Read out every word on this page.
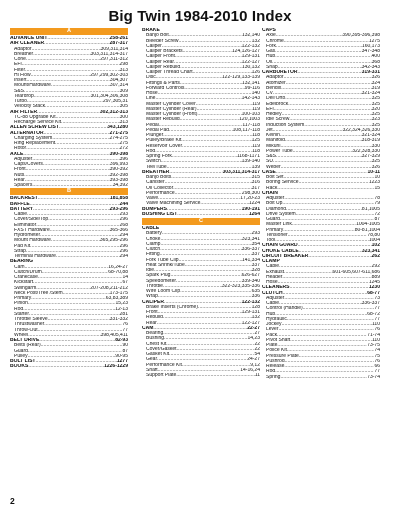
Big Twin 1984-2010 Index
A
ADVANCE UNIT .....	258-261
AIR CLEANER .....	287-317
Adaptor .....	309,311,314
Breather .....	303,311,314-317
Cone .....	297,311-312
EFI .....	298
Filter .....	313
Hi Flow .....	297,299,302-303
Insert .....	304,307
Mount/Hardware .....	307,314
S&S .....	309
Teardrop .....	301,304,306,308
Turbo .....	297,305,31
Velocity Stack .....	305
AIR FILTER .....	302,312-313
TC-88 Upgrade Kit .....	300
Recharge Service Kit .....	313
ALLEN SCREW LIST .....	343,1280
ALTERNATOR .....	271-275
Charging System .....	274-275
Ring Replacement .....	275
Rotor .....	272
AXLE .....	390-398
Adjuster .....	396
Caps/Covers .....	396,993
Front .....	390-392
Nuts .....	392-398
Rear .....	393-398
Spacers .....	34,392
B
BACKREST .....	181,858
BAFFLE .....	244
BATTERY .....	293-296
Cable .....	293
Cover/Side/Top .....	296
Eliminator .....	268
FXST Hardware .....	365-366
Hydrometer .....	294
Mount Hardware .....	365,295-296
Pad Kit .....	296
Strap .....	296
Terminal Hardware .....	294
BEARING
Cam .....	16,24-27
Clutch/Drum .....	68-70,88
Crankcase .....	14
Kickstart .....	67
Swingarm .....	207-208,211-212
Neck Post/Tree /Stem .....	173-175
Primary .....	63,83,389
Pinion .....	15,23
Rod .....	12-13
Starter .....	281
Throttle Sleeve .....	331-332
Thrustwasher .....	76
Throw-Out .....	77
Wheel .....	398,405,411
BELT DRIVE .....	82-93
Belts (Rear) .....	90
Guard .....	87
Pulley .....	90-95
BOLT LIST .....	1277
BOOKS .....	1226-1229
BRAKE
Banjo Bolt .....	132,140
Bleeder Screw .....	132
Caliper .....	122-132
Caliper Brackets .....	124,126-127
Caliper Front .....	129-131
Caliper Rear .....	122-127
Caliper Rebuild .....	130,132
Caliper Thread Chart .....	126
Disc .....	122-129,133-139
Fittings & Parts .....	132,141
Forward Controls .....	99-116
Hose .....	140
Line .....	142-143
Master Cylinder Cover .....	119
Master Cylinder (Rear) .....	119
Master Cylinder (Front) .....	100-103
Master Rebuild .....	120,1003
Pedal .....	117-118
Pedal Pad .....	108,117-118
Plunger .....	118
Pulley/Brake Kit .....	125
Reservoir Cover .....	119
Rod .....	118
Spring Fork .....	1168-1171
Switch .....	139-140
Tee/Tube .....	139
BREATHER .....	303,311,314-317
Banjo Bolts .....	315
Canister .....	316
Oil Collector .....	317
Performance .....	298,300
Valve .....	17,20-23
Valve Machining Service .....	1224
BUMPERS .....	190-191
BUSHING LIST .....	1264
C
CABLE
Battery .....	293
Choke .....	323,341
Clamp .....	354
Clutch .....	336-337
Fitting .....	337
Fork Tube Clip .....	141,334
Heat Shrink/Tube .....	337
Idle .....	328
Spark Plug .....	626-627
Speedometer .....	339-340
Throttle .....	322-323,335-336
Wire Loom Clip .....	635
Wrap .....	336
CALIPER .....	122-132
Brake Inserts (Chrome) .....	128
Front .....	129-131
Rebuild .....	132
Rear .....	122-127
CAM .....	22-27
Bearing .....	27
Bushing .....	14,23
Chest Kit .....	22
Cover/Gasket .....	22
Gasket Kit .....	54
Gear .....	24-27
Performance Kit .....	9,12
Shaft .....	14-16,24
Support Plate .....	11
CAPS
Axle .....	390,395-396,398
Chrome .....	1275
Fork .....	160,173
Gas .....	347-348
Hub .....	400
Oil .....	368
Snap .....	342-343
CARBURETOR .....	319-331
Adaptor .....	326
Atomizer .....	324
Bendix .....	319
CV .....	321-324
Dell'Orto .....	325
Edelbrock .....	325
EFI .....	320
Hedley .....	325
Idle Screw .....	323
Induction System .....	325
Jet .....	322,324,326,330
Keihin .....	321-324
Manifold .....	318-319
Mikuni .....	330
Power Tube .....	322,328,330
S&S .....	327-329
SU .....	325
Weber .....	326
CASE .....	10-11
Bolt Set .....	10
Boring Service .....	1223
Rack .....	15
CHAIN
Adjuster .....	78
Bolt Up .....	79
Diamond .....	81,1005
Drive System .....	72
Guard .....	87
Master Link .....	1004-1005
Primary .....	80-81,1004
Tensioner .....	78,80
Tool .....	1004
CHAIN GUARD .....	102
CHOKE CABLE .....	323,341
CIRCUIT BREAKER .....	262
CLAMP
Cable .....	292
Exhaust .....	601-605,607-611,686
Header .....	889
Hose .....	1245
CLEANERS .....	1230
CLUTCH .....	68-77
Adjuster .....	73
Cable .....	336-337
Control (Handle) .....	77
Hub .....	68-72
Hydraulic .....	77
Jockey .....	110
Lever .....	76
Pack .....	71-74
Pivot Shaft .....	110
Plate .....	73-75
Police Kit .....	74
Pressure Plate .....	75
Pushrod .....	76
Release .....	66
Rod .....	77
Spring .....	73-74
2
